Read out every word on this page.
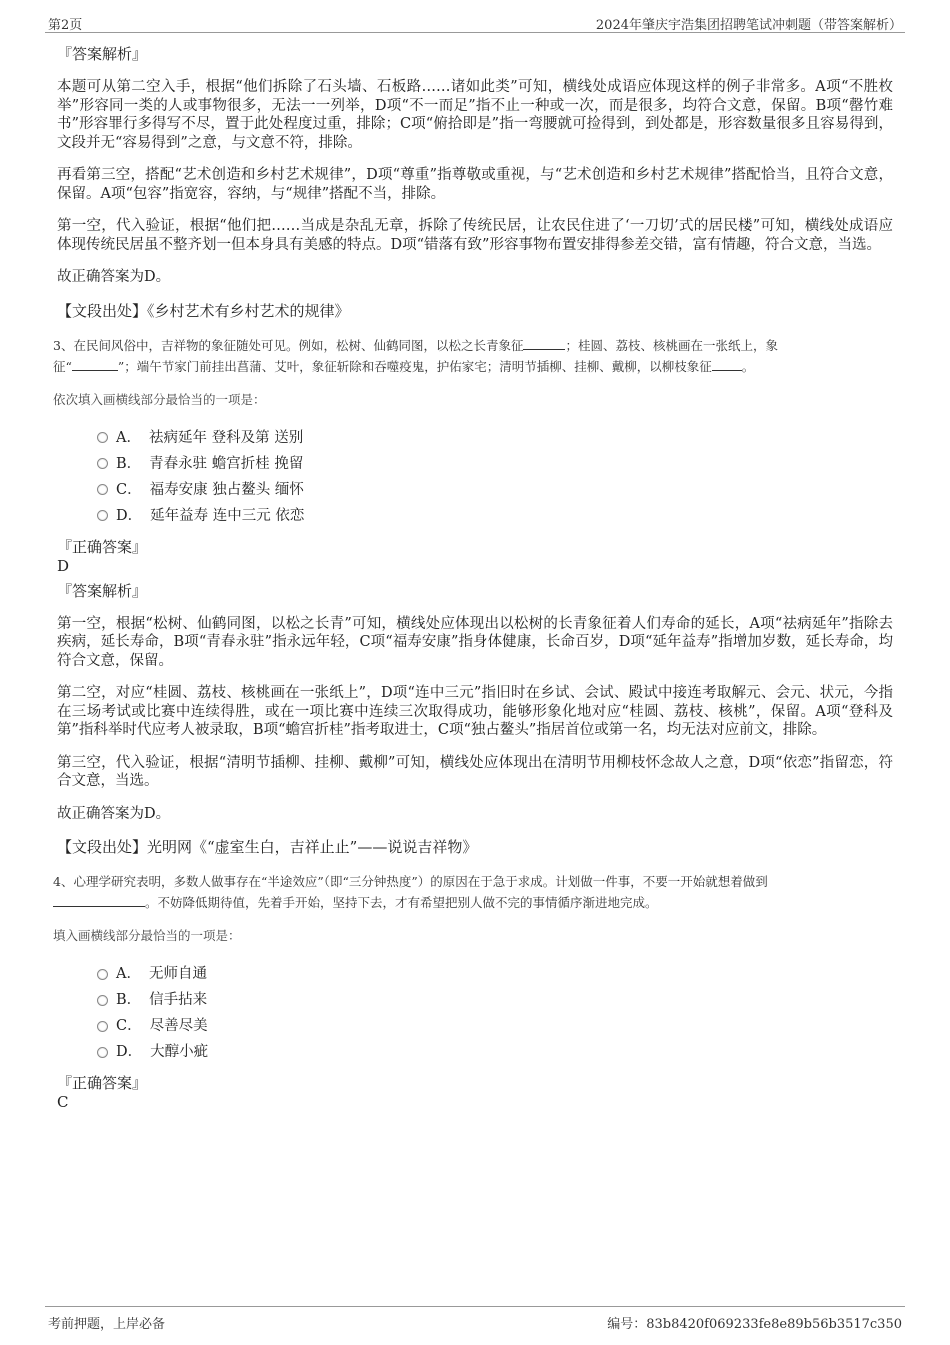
第2页	2024年肇庆宇浩集团招聘笔试冲刺题（带答案解析）
『答案解析』

本题可从第二空入手，根据“他们拆除了石头墙、石板路……诸如此类”可知，横线处成语应体现这样的例子非常多。A项“不胜枚举”形容同一类的人或事物很多，无法一一列举，D项“不一而足”指不止一种或一次，而是很多，均符合文意，保留。B项“罄竹难书”形容罪行多得写不尽，置于此处程度过重，排除；C项“俯拾即是”指一弯腰就可捡得到，到处都是，形容数量很多且容易得到，文段并无“容易得到”之意，与文意不符，排除。

再看第三空，搭配“艺术创造和乡村艺术规律”，D项“尊重”指尊敬或重视，与“艺术创造和乡村艺术规律”搭配恰当，且符合文意，保留。A项“包容”指宽容，容纳，与“规律”搭配不当，排除。

第一空，代入验证，根据“他们把……当成是杂乱无章，拆除了传统民居，让农民住进了‘一刀切’式的居民楼”可知，横线处成语应体现传统民居虽不整齐划一但本身具有美感的特点。D项“错落有致”形容事物布置安排得参差交错，富有情趣，符合文意，当选。

故正确答案为D。

【文段出处】《乡村艺术有乡村艺术的规律》

3、在民间风俗中，吉祥物的象征随处可见。例如，松树、仙鹤同图，以松之长青象征	；桂圆、荔枝、核桃画在一张纸上，象
征“	”；端午节家门前挂出菖蒲、艾叶，象征斩除和吞噬疫鬼，护佑家宅；清明节插柳、挂柳、戴柳，以柳枝象征 。
依次填入画横线部分最恰当的一项是：
A． 祛病延年 登科及第 送别
B． 青春永驻 蟾宫折桂 挽留
C． 福寿安康 独占鳌头 缅怀
D． 延年益寿 连中三元 依恋
『正确答案』
D
『答案解析』

第一空，根据“松树、仙鹤同图，以松之长青”可知，横线处应体现出以松树的长青象征着人们寿命的延长，A项“祛病延年”指除去疾病，延长寿命，B项“青春永驻”指永远年轻，C项“福寿安康”指身体健康，长命百岁，D项“延年益寿”指增加岁数，延长寿命，均符合文意，保留。

第二空，对应“桂圆、荔枝、核桃画在一张纸上”，D项“连中三元”指旧时在乡试、会试、殿试中接连考取解元、会元、状元，今指在三场考试或比赛中连续得胜，或在一项比赛中连续三次取得成功，能够形象化地对应“桂圆、荔枝、核桃”，保留。A项“登科及第”指科举时代应考人被录取，B项“蟾宫折桂”指考取进士，C项“独占鳌头”指居首位或第一名，均无法对应前文，排除。

第三空，代入验证，根据“清明节插柳、挂柳、戴柳”可知，横线处应体现出在清明节用柳枝怀念故人之意，D项“依恋”指留恋，符合文意，当选。

故正确答案为D。

【文段出处】光明网《“虚室生白，吉祥止止”——说说吉祥物》

4、心理学研究表明，多数人做事存在“半途效应”（即“三分钟热度”）的原因在于急于求成。计划做一件事，不要一开始就想着做到
。不妨降低期待值，先着手开始，坚持下去，才有希望把别人做不完的事情循序渐进地完成。
填入画横线部分最恰当的一项是：
A． 无师自通
B． 信手拈来
C． 尽善尽美
D． 大醇小疵
『正确答案』
C
考前押题，上岸必备	编号：83b8420f069233fe8e89b56b3517c350
